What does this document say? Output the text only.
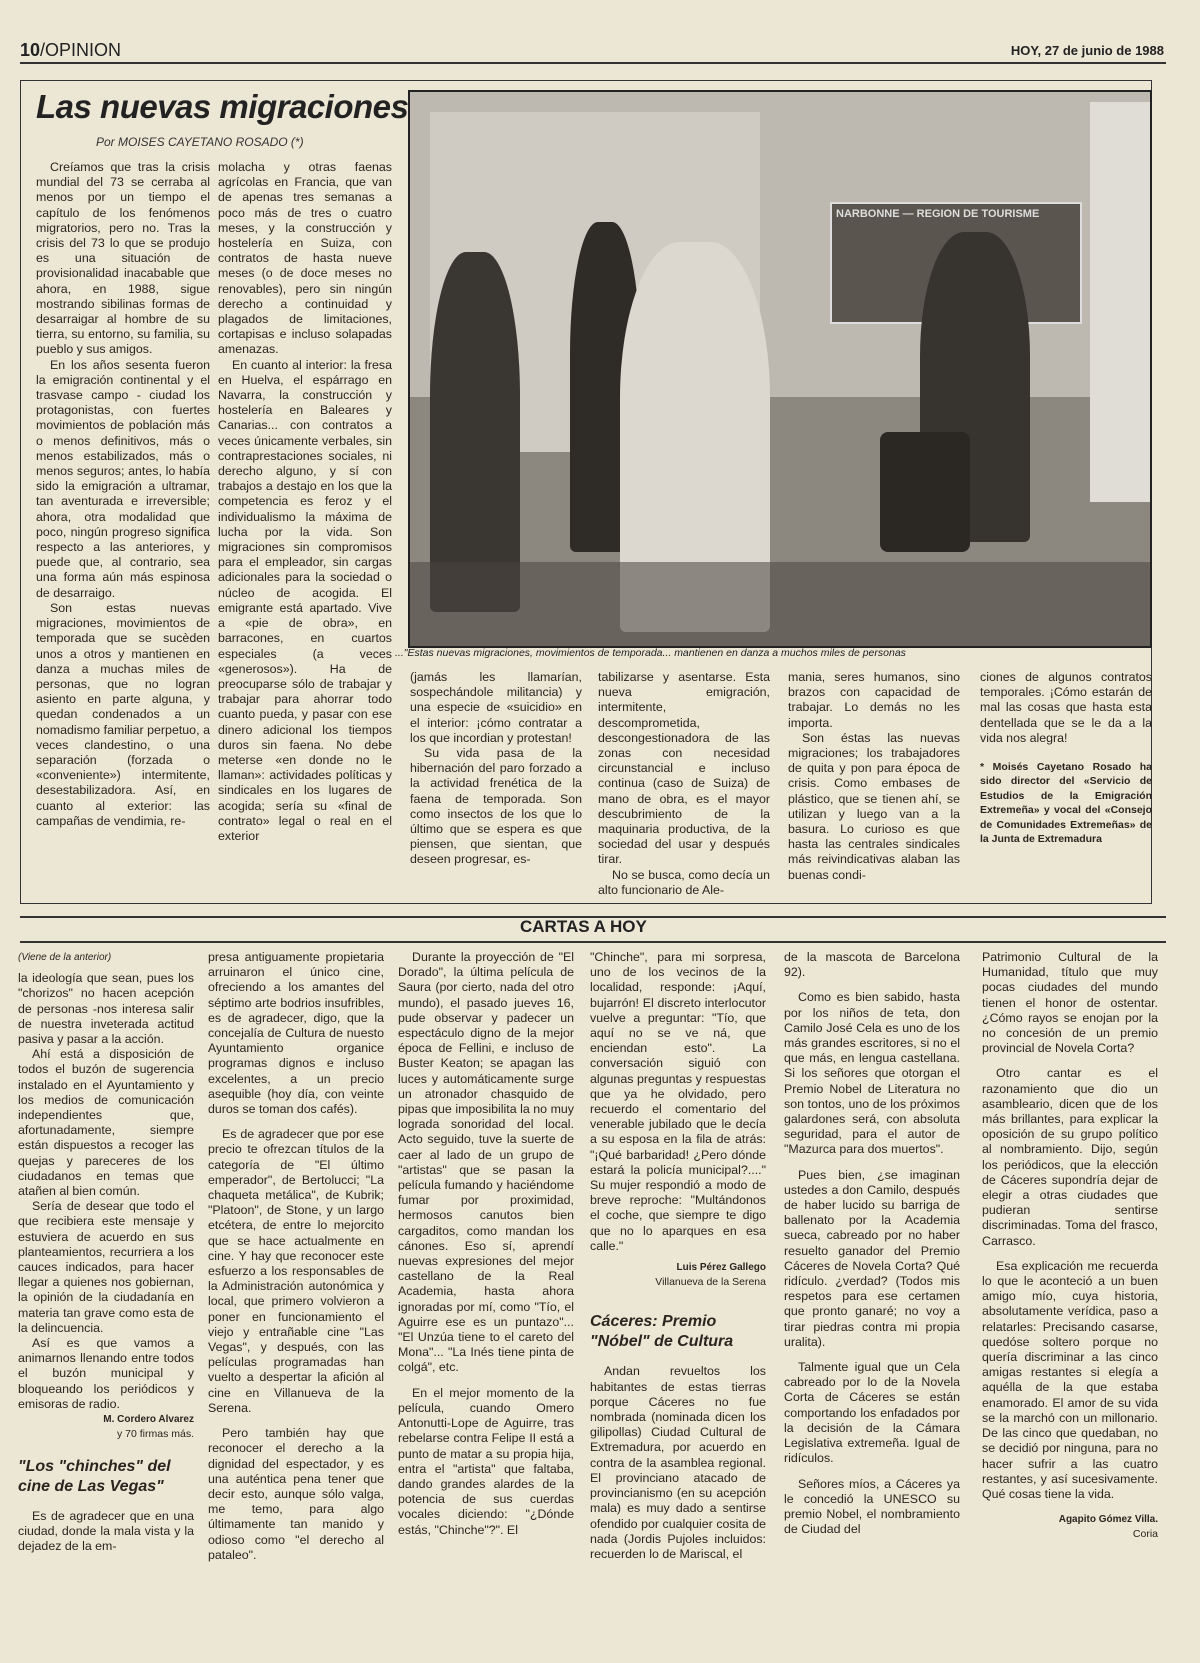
10/OPINION	HOY, 27 de junio de 1988
Las nuevas migraciones
Por MOISES CAYETANO ROSADO (*)
NARBONNE — REGION DE TOURISME
..."Estas nuevas migraciones, movimientos de temporada... mantienen en danza a muchos miles de personas

Creíamos que tras la crisis mundial del 73 se cerraba al menos por un tiempo el capítulo de los fenómenos migratorios, pero no. Tras la crisis del 73 lo que se produjo es una situación de provisionalidad inacabable que ahora, en 1988, sigue mostrando sibilinas formas de desarraigar al hombre de su tierra, su entorno, su familia, su pueblo y sus amigos.

En los años sesenta fueron la emigración continental y el trasvase campo - ciudad los protagonistas, con fuertes movimientos de población más o menos definitivos, más o menos estabilizados, más o menos seguros; antes, lo había sido la emigración a ultramar, tan aventurada e irreversible; ahora, otra modalidad que poco, ningún progreso significa respecto a las anteriores, y puede que, al contrario, sea una forma aún más espinosa de desarraigo.

Son estas nuevas migraciones, movimientos de temporada que se sucèden unos a otros y mantienen en danza a muchas miles de personas, que no logran asiento en parte alguna, y quedan condenados a un nomadismo familiar perpetuo, a veces clandestino, o una separación (forzada o «conveniente») intermitente, desestabilizadora. Así, en cuanto al exterior: las campañas de vendimia, re-

molacha y otras faenas agrícolas en Francia, que van de apenas tres semanas a poco más de tres o cuatro meses, y la construcción y hostelería en Suiza, con contratos de hasta nueve meses (o de doce meses no renovables), pero sin ningún derecho a continuidad y plagados de limitaciones, cortapisas e incluso solapadas amenazas.

En cuanto al interior: la fresa en Huelva, el espárrago en Navarra, la construcción y hostelería en Baleares y Canarias... con contratos a veces únicamente verbales, sin contraprestaciones sociales, ni derecho alguno, y sí con trabajos a destajo en los que la competencia es feroz y el individualismo la máxima de lucha por la vida. Son migraciones sin compromisos para el empleador, sin cargas adicionales para la sociedad o núcleo de acogida. El emigrante está apartado. Vive a «pie de obra», en barracones, en cuartos especiales (a veces «generosos»). Ha de preocuparse sólo de trabajar y trabajar para ahorrar todo cuanto pueda, y pasar con ese dinero adicional los tiempos duros sin faena. No debe meterse «en donde no le llaman»: actividades políticas y sindicales en los lugares de acogida; sería su «final de contrato» legal o real en el exterior

(jamás les llamarían, sospechándole militancia) y una especie de «suicidio» en el interior: ¡cómo contratar a los que incordian y protestan!

Su vida pasa de la hibernación del paro forzado a la actividad frenética de la faena de temporada. Son como insectos de los que lo último que se espera es que piensen, que sientan, que deseen progresar, es-

tabilizarse y asentarse. Esta nueva emigración, intermitente, descomprometida, descongestionadora de las zonas con necesidad circunstancial e incluso continua (caso de Suiza) de mano de obra, es el mayor descubrimiento de la maquinaria productiva, de la sociedad del usar y después tirar.

No se busca, como decía un alto funcionario de Ale-

mania, seres humanos, sino brazos con capacidad de trabajar. Lo demás no les importa.

Son éstas las nuevas migraciones; los trabajadores de quita y pon para época de crisis. Como embases de plástico, que se tienen ahí, se utilizan y luego van a la basura. Lo curioso es que hasta las centrales sindicales más reivindicativas alaban las buenas condi-

ciones de algunos contratos temporales. ¡Cómo estarán de mal las cosas que hasta esta dentellada que se le da a la vida nos alegra!

* Moisés Cayetano Rosado ha sido director del «Servicio de Estudios de la Emigración Extremeña» y vocal del «Consejo de Comunidades Extremeñas» de la Junta de Extremadura
CARTAS A HOY
(Viene de la anterior)

la ideología que sean, pues los "chorizos" no hacen acepción de personas -nos interesa salir de nuestra inveterada actitud pasiva y pasar a la acción.

Ahí está a disposición de todos el buzón de sugerencia instalado en el Ayuntamiento y los medios de comunicación independientes que, afortunadamente, siempre están dispuestos a recoger las quejas y pareceres de los ciudadanos en temas que atañen al bien común.

Sería de desear que todo el que recibiera este mensaje y estuviera de acuerdo en sus planteamientos, recurriera a los cauces indicados, para hacer llegar a quienes nos gobiernan, la opinión de la ciudadanía en materia tan grave como esta de la delincuencia.

Así es que vamos a animarnos llenando entre todos el buzón municipal y bloqueando los periódicos y emisoras de radio.

M. Cordero Alvarez
y 70 firmas más.
"Los "chinches" del cine de Las Vegas"

Es de agradecer que en una ciudad, donde la mala vista y la dejadez de la em-

presa antiguamente propietaria arruinaron el único cine, ofreciendo a los amantes del séptimo arte bodrios insufribles, es de agradecer, digo, que la concejalía de Cultura de nuesto Ayuntamiento organice programas dignos e incluso excelentes, a un precio asequible (hoy día, con veinte duros se toman dos cafés).

Es de agradecer que por ese precio te ofrezcan títulos de la categoría de "El último emperador", de Bertolucci; "La chaqueta metálica", de Kubrik; "Platoon", de Stone, y un largo etcétera, de entre lo mejorcito que se hace actualmente en cine. Y hay que reconocer este esfuerzo a los responsables de la Administración autonómica y local, que primero volvieron a poner en funcionamiento el viejo y entrañable cine "Las Vegas", y después, con las películas programadas han vuelto a despertar la afición al cine en Villanueva de la Serena.

Pero también hay que reconocer el derecho a la dignidad del espectador, y es una auténtica pena tener que decir esto, aunque sólo valga, me temo, para algo últimamente tan manido y odioso como "el derecho al pataleo".

Durante la proyección de "El Dorado", la última película de Saura (por cierto, nada del otro mundo), el pasado jueves 16, pude observar y padecer un espectáculo digno de la mejor época de Fellini, e incluso de Buster Keaton; se apagan las luces y automáticamente surge un atronador chasquido de pipas que imposibilita la no muy lograda sonoridad del local. Acto seguido, tuve la suerte de caer al lado de un grupo de "artistas" que se pasan la película fumando y haciéndome fumar por proximidad, hermosos canutos bien cargaditos, como mandan los cánones. Eso sí, aprendí nuevas expresiones del mejor castellano de la Real Academia, hasta ahora ignoradas por mí, como "Tío, el Aguirre ese es un puntazo"... "El Unzúa tiene to el careto del Mona"... "La Inés tiene pinta de colgá", etc.

En el mejor momento de la película, cuando Omero Antonutti-Lope de Aguirre, tras rebelarse contra Felipe II está a punto de matar a su propia hija, entra el "artista" que faltaba, dando grandes alardes de la potencia de sus cuerdas vocales diciendo: "¿Dónde estás, "Chinche"?". El

"Chinche", para mi sorpresa, uno de los vecinos de la localidad, responde: ¡Aquí, bujarrón! El discreto interlocutor vuelve a preguntar: "Tío, que aquí no se ve ná, que enciendan esto". La conversación siguió con algunas preguntas y respuestas que ya he olvidado, pero recuerdo el comentario del venerable jubilado que le decía a su esposa en la fila de atrás: "¡Qué barbaridad! ¿Pero dónde estará la policía municipal?...." Su mujer respondió a modo de breve reproche: "Multándonos el coche, que siempre te digo que no lo aparques en esa calle."

Luis Pérez Gallego
Villanueva de la Serena
Cáceres: Premio "Nóbel" de Cultura

Andan revueltos los habitantes de estas tierras porque Cáceres no fue nombrada (nominada dicen los gilipollas) Ciudad Cultural de Extremadura, por acuerdo en contra de la asamblea regional. El provinciano atacado de provincianismo (en su acepción mala) es muy dado a sentirse ofendido por cualquier cosita de nada (Jordis Pujoles incluidos: recuerden lo de Mariscal, el

de la mascota de Barcelona 92).

Como es bien sabido, hasta por los niños de teta, don Camilo José Cela es uno de los más grandes escritores, si no el que más, en lengua castellana. Si los señores que otorgan el Premio Nobel de Literatura no son tontos, uno de los próximos galardones será, con absoluta seguridad, para el autor de "Mazurca para dos muertos".

Pues bien, ¿se imaginan ustedes a don Camilo, después de haber lucido su barriga de ballenato por la Academia sueca, cabreado por no haber resuelto ganador del Premio Cáceres de Novela Corta? Qué ridículo. ¿verdad? (Todos mis respetos para ese certamen que pronto ganaré; no voy a tirar piedras contra mi propia uralita).

Talmente igual que un Cela cabreado por lo de la Novela Corta de Cáceres se están comportando los enfadados por la decisión de la Cámara Legislativa extremeña. Igual de ridículos.

Señores míos, a Cáceres ya le concedió la UNESCO su premio Nobel, el nombramiento de Ciudad del

Patrimonio Cultural de la Humanidad, título que muy pocas ciudades del mundo tienen el honor de ostentar. ¿Cómo rayos se enojan por la no concesión de un premio provincial de Novela Corta?

Otro cantar es el razonamiento que dio un asambleario, dicen que de los más brillantes, para explicar la oposición de su grupo político al nombramiento. Dijo, según los periódicos, que la elección de Cáceres supondría dejar de elegir a otras ciudades que pudieran sentirse discriminadas. Toma del frasco, Carrasco.

Esa explicación me recuerda lo que le aconteció a un buen amigo mío, cuya historia, absolutamente verídica, paso a relatarles: Precisando casarse, quedóse soltero porque no quería discriminar a las cinco amigas restantes si elegía a aquélla de la que estaba enamorado. El amor de su vida se la marchó con un millonario. De las cinco que quedaban, no se decidió por ninguna, para no hacer sufrir a las cuatro restantes, y así sucesivamente. Qué cosas tiene la vida.

Agapito Gómez Villa.
Coria
